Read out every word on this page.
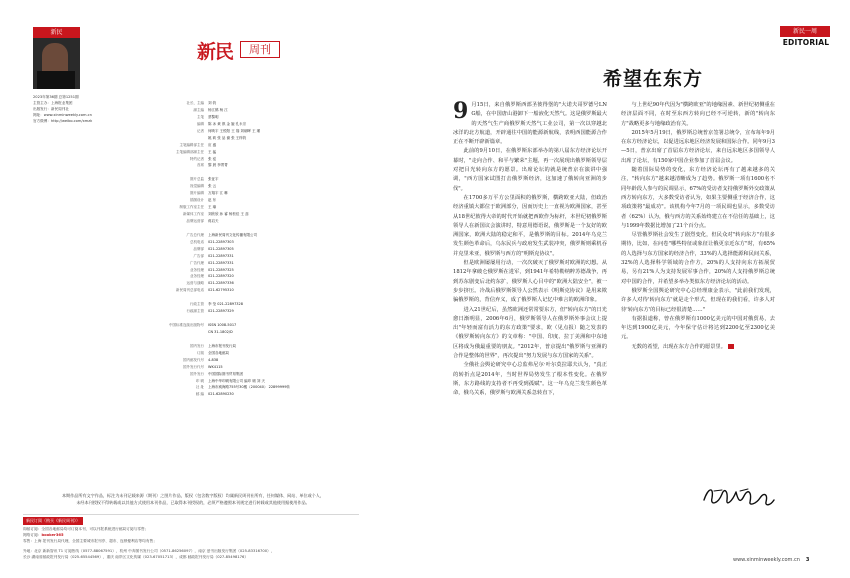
新民
2023年第36期 总第1251期
主管主办：上海报业集团
出版发行：新民周刊社
网址：www.xinminweekly.com.cn
官方微博：http://weibo.com/xmzk
新民	周刊
社长、主编	刘 钧
副主编	杨江鹤 杨 江
主笔	蔡黎明
编辑	陈 冰 黄 祺 金 姬 孔永宗
记者	何映宇 王悦阳 王 翔 刘朝晖 王 瑾
姚 莉 张 品 谢 张 王梓钧
主笔编辑部主任	应 盛
主笔编辑部副主任	王 猛
特约记者	张 泓
首席	黎 晨 李菁菁
图片总监	张征宇
视觉编辑	张 云
图片编辑	万翔宇 江 琳
插图设计	赵 东
制版工作室主任	王 瑜
新媒体工作室	刘欣欣 孙 睿 杨松佳 王 蕊
品牌运营部	蒋启天
广告总代理	上海新民周刊文化传播有限公司
总机电话	021-22897303
品牌部	021-22897305
广告部	021-22897331
广告代理	021-22897331
业务经理	021-22897325
业务经理	021-22897320
运营与战略	021-22897336
新民周刊总部电话	021-62795310
行政主管	李 莹 021-22897328
行政副主管	021-22897329
中国标准连续出版物号	ISSN 1008-5017
CN 31-1802/D
国内发行	上海市报刊发行局
订阅	全国各地邮局
国内邮发代号	4-838
国外发行代号	WK4115
国外发行	中国国际图书贸易集团
印 刷	上海中华印刷有限公司 编印 刷 刘 天
社 址	上海市威海路755号30楼（200040） 22899999转
邮 编	021-62890230
本期作品所有文字作品，标注为未刊记载来源（期刊）之图片作品，版权（包含数字版权）均属新民周刊社所有，任何媒体、网站、单位或个人，
未经本刊授权不得转载或以其他方式使用本刊作品，已取得本刊授权的，必须严格遵照本刊规定进行转载或其他使用据使用作品。
新民订阅（购买《新民周刊》）
即邮订阅：全国各地邮局均可订阅本刊，可以刊报系统进行邮局订阅与零售；
网络订阅：booker365
零售：上海 报刊发行局代理，全国主要城市报刊亭、超市、连锁便利店等均有售；
外地：北京 新新智讯 T1 订阅热线（0577-88067591），杭州 中奔图书发行公司（0571-86256097），南京 爱书出版发行集团（025-83316700），
长沙 湖南省邮政报刊发行局（025-65544569），重庆 南岸区文化传媒（023-67051713），成都 邮政报刊发行局（027-85498176）
新民一周
EDITORIAL
希望在东方

9 月15日，来自俄罗斯西部圣彼得堡的"大诺夫哥罗德号LNG船，在中国唐山港卸下一船液化天然气。这是俄罗斯最大的天然气生产商俄罗斯天然气工业公司，第一次以穿越北冰洋的北方航道，开辟通往中国的能源新航线，表明西国能源合作正在不断开辟新篇章。

此前的9月10日，在俄罗斯东部举办的第八届东方经济论坛开幕时，"走向合作、和平与繁荣"主题，再一次展现出俄罗斯领导层对把目光转向东方的愿景。出席论坛的就是统普京在演讲中强调，"西方国家试图打击俄罗斯经济，这加速了俄转向亚洲的步伐"。

在1700多万平方公里面积的俄罗斯，横跨欧亚大陆，但政治经济重镇大都位于欧洲部分，因而历史上一直视为欧洲国家，甚至从18世纪彼得大帝的时代开始就把西欧作为标杆，本世纪初俄罗斯领导人在新国议会演讲时，特意用德语说，俄罗斯是一个友好的欧洲国家，欧洲大陆的稳定和平，是俄罗斯的目标。2014年乌克兰发生颜色革命后，乌东民兵与政府发生武装冲突，俄罗斯则乘机吞并克里米亚，俄罗斯与西方的"明斯克协议"。

但是欧洲屡屡用行动，一次次破灭了俄罗斯对欧洲的幻想。从1812年拿破仑俄罗斯在进军，到1941年希特勒纳粹苏德战争，再到苏东剧变后北约东扩，俄罗斯人心目中的"欧洲大陆安全"，被一步步挤压。冷战后俄罗斯领导人公然表示《明斯克协议》是用来欺骗俄罗斯的，背信弃义，成了俄罗斯人记忆中难言的欧洲印象。

进入21世纪后，虽然欧洲还常常要东方，但"转向东方"的日光愈日渐明显，2006年6月，俄罗斯领导人在俄罗斯外事会议上提出"年轻而富有活力的东方政策"要求，欧（见点报）随之发表的《俄罗斯转向东方》的文章称："中国、印度、拉丁美洲和中东地区将成为俄最重要的朋友。"2012年，普京提出"俄罗斯与亚洲的合作是整体的世界"，再次提出"努力发展与东方国家的关系"。

全俄社会舆论研究中心总监弗尼尔·叶尔莫拉耶夫认为，"真正的转折点是2014年，当时世界局势发生了根本性变化。在俄罗斯，东方路线的支持者不再受到孤赋"。这一年乌克兰发生颜色革命，俄乌关系，俄罗斯与欧洲关系急转直下，

与上世纪90年代因为"横跨欧亚"的地缘因素、新世纪初侧重在经济层面不同，在时至东西方转向已经不可逆转，新的"转向东方"战略更多与地缘政治有关。

2015年5月19日，俄罗斯总统普京签署总统令，宣布每年9月在东方经济论坛，以促进远东地区经济发展和国际合作。同年9月3—5日，普京出席了首届东方经济论坛，来自远东地区多国领导人出席了论坛，有150家中国企业参加了首届会议。

随着国际局势的变化，东方经济论坛再有了越来越多的关注，"转向东方"越来越清晰成为了趋势。俄罗斯一项有1600名不同年龄段人参与的民调显示，67%的受访者支持俄罗斯外交政策从西方转向东方，大多数受访者认为，如果主要侧重于经济合作，这项政策将"最成功"。该机构今年7月的一项民调也显示，多数受访者（62%）认为，俄与西方的关系始终建立在不信任的基础上，这与1999年数据比增加了21个百分点。

尽管俄罗斯社会发生了剧烈变化，但民众对"转向东方"有很多期待，比如，在问卷"哪些特征或象征让俄更亲近东方"时，有65%的人选择与东方国家的经济合作，33%的人选择能源和民间关系，32%的人选择科学领域的合作方，20%的人支持向东方拓展贸易，另有21%人为支持发展军事合作，20%的人支持俄罗斯总统对中国的合作，并希望多举办类似东方经济论坛的活动。

俄罗斯全国舆论研究中心总经理康金表示，"此前我们发现，许多人对待'转向东方'就是走个形式，但现在的我们看，许多人对待'转向东方'的目标已经很清楚……"

有据报道称，曾在俄罗斯有1000亿美元的中国对俄贸易，去年达到1900亿美元，今年保守估计将达到2200亿至2300亿美元。

无数的希望，出现在东方合作的愿景里。

www.xinminweekly.com.cn 3
